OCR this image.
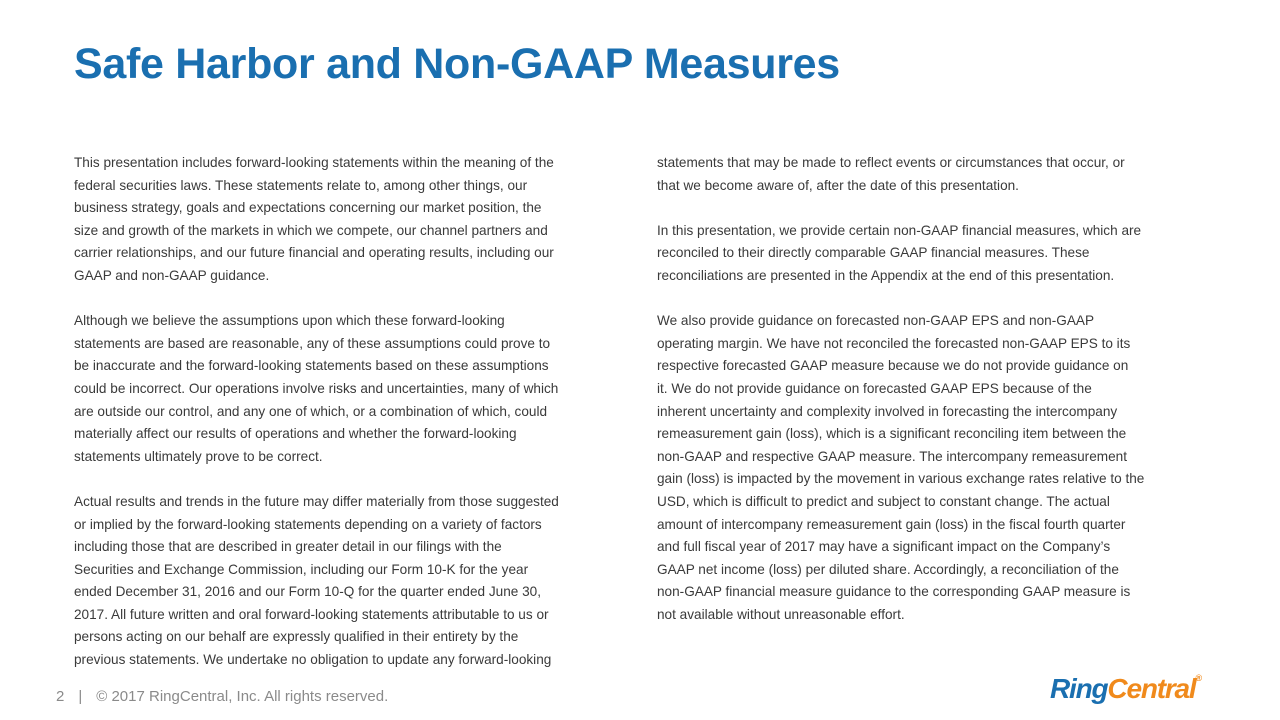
Safe Harbor and Non-GAAP Measures
This presentation includes forward-looking statements within the meaning of the
federal securities laws. These statements relate to, among other things, our
business strategy, goals and expectations concerning our market position, the
size and growth of the markets in which we compete, our channel partners and
carrier relationships, and our future financial and operating results, including our
GAAP and non-GAAP guidance.
Although we believe the assumptions upon which these forward-looking
statements are based are reasonable, any of these assumptions could prove to
be inaccurate and the forward-looking statements based on these assumptions
could be incorrect. Our operations involve risks and uncertainties, many of which
are outside our control, and any one of which, or a combination of which, could
materially affect our results of operations and whether the forward-looking
statements ultimately prove to be correct.
Actual results and trends in the future may differ materially from those suggested
or implied by the forward-looking statements depending on a variety of factors
including those that are described in greater detail in our filings with the
Securities and Exchange Commission, including our Form 10-K for the year
ended December 31, 2016 and our Form 10-Q for the quarter ended June 30,
2017. All future written and oral forward-looking statements attributable to us or
persons acting on our behalf are expressly qualified in their entirety by the
previous statements. We undertake no obligation to update any forward-looking
statements that may be made to reflect events or circumstances that occur, or
that we become aware of, after the date of this presentation.
In this presentation, we provide certain non-GAAP financial measures, which are
reconciled to their directly comparable GAAP financial measures. These
reconciliations are presented in the Appendix at the end of this presentation.
We also provide guidance on forecasted non-GAAP EPS and non-GAAP
operating margin. We have not reconciled the forecasted non-GAAP EPS to its
respective forecasted GAAP measure because we do not provide guidance on
it. We do not provide guidance on forecasted GAAP EPS because of the
inherent uncertainty and complexity involved in forecasting the intercompany
remeasurement gain (loss), which is a significant reconciling item between the
non-GAAP and respective GAAP measure. The intercompany remeasurement
gain (loss) is impacted by the movement in various exchange rates relative to the
USD, which is difficult to predict and subject to constant change. The actual
amount of intercompany remeasurement gain (loss) in the fiscal fourth quarter
and full fiscal year of 2017 may have a significant impact on the Company’s
GAAP net income (loss) per diluted share. Accordingly, a reconciliation of the
non-GAAP financial measure guidance to the corresponding GAAP measure is
not available without unreasonable effort.
2 | © 2017 RingCentral, Inc. All rights reserved.	RingCentral®
